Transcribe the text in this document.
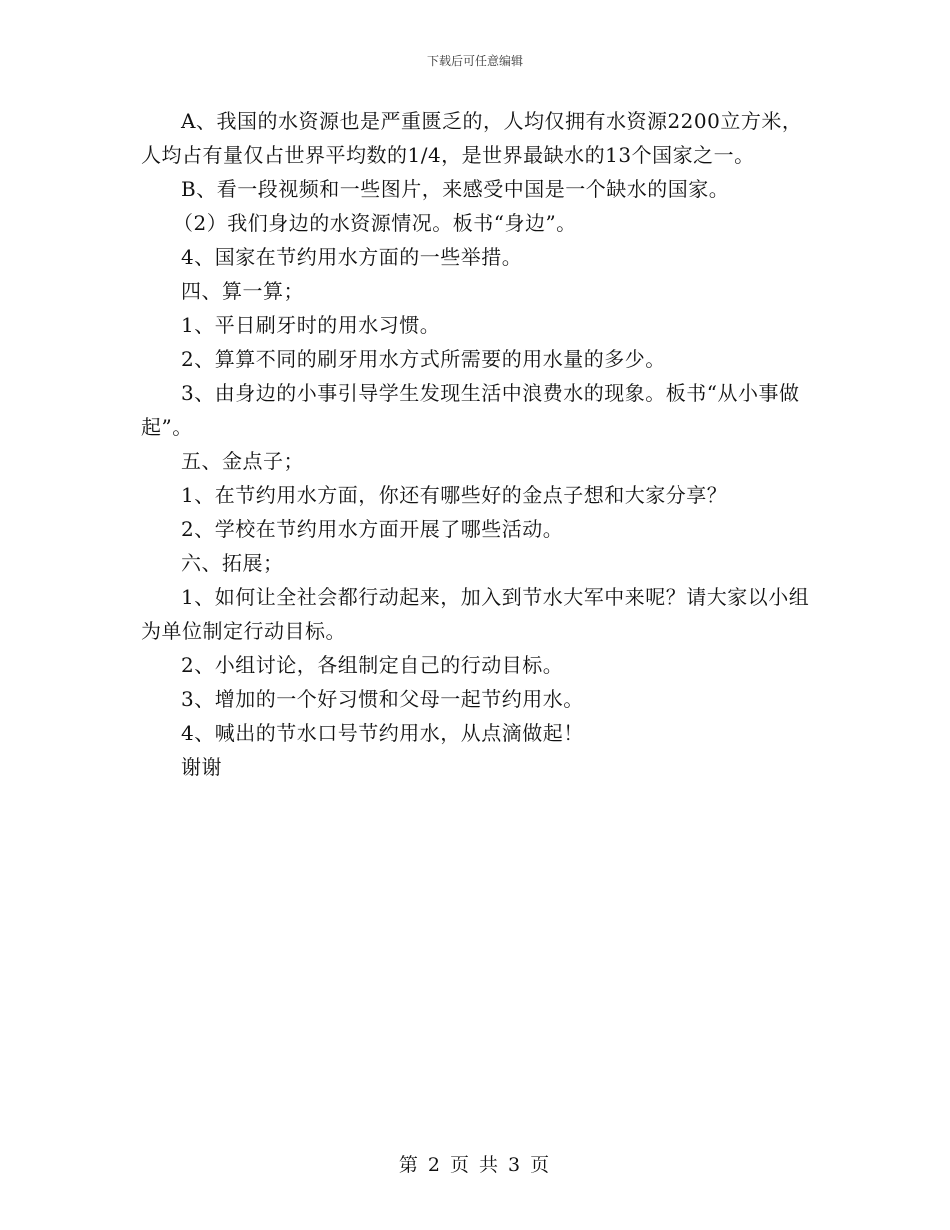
下载后可任意编辑

A、我国的水资源也是严重匮乏的，人均仅拥有水资源2200立方米，人均占有量仅占世界平均数的1/4，是世界最缺水的13个国家之一。

B、看一段视频和一些图片，来感受中国是一个缺水的国家。

（2）我们身边的水资源情况。板书“身边”。

4、国家在节约用水方面的一些举措。

四、算一算；

1、平日刷牙时的用水习惯。

2、算算不同的刷牙用水方式所需要的用水量的多少。

3、由身边的小事引导学生发现生活中浪费水的现象。板书“从小事做起”。

五、金点子；

1、在节约用水方面，你还有哪些好的金点子想和大家分享？

2、学校在节约用水方面开展了哪些活动。

六、拓展；

1、如何让全社会都行动起来，加入到节水大军中来呢？请大家以小组为单位制定行动目标。

2、小组讨论，各组制定自己的行动目标。

3、增加的一个好习惯和父母一起节约用水。

4、喊出的节水口号节约用水，从点滴做起！

谢谢

第 2 页 共 3 页
